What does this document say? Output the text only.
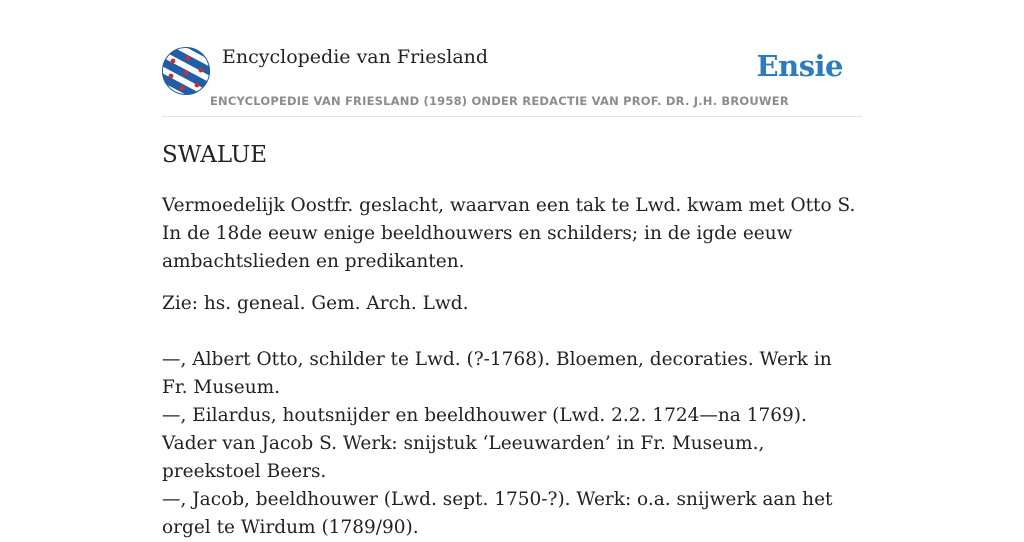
Encyclopedie van Friesland	Ensie
ENCYCLOPEDIE VAN FRIESLAND (1958) ONDER REDACTIE VAN PROF. DR. J.H. BROUWER
SWALUE

Vermoedelijk Oostfr. geslacht, waarvan een tak te Lwd. kwam met Otto S. In de 18de eeuw enige beeldhouwers en schilders; in de igde eeuw ambachtslieden en predikanten.

Zie: hs. geneal. Gem. Arch. Lwd.

—, Albert Otto, schilder te Lwd. (?-1768). Bloemen, decoraties. Werk in Fr. Museum.

—, Eilardus, houtsnijder en beeldhouwer (Lwd. 2.2. 1724—na 1769). Vader van Jacob S. Werk: snijstuk ‘Leeuwarden’ in Fr. Museum., preekstoel Beers.

—, Jacob, beeldhouwer (Lwd. sept. 1750-?). Werk: o.a. snijwerk aan het orgel te Wirdum (1789/90).
